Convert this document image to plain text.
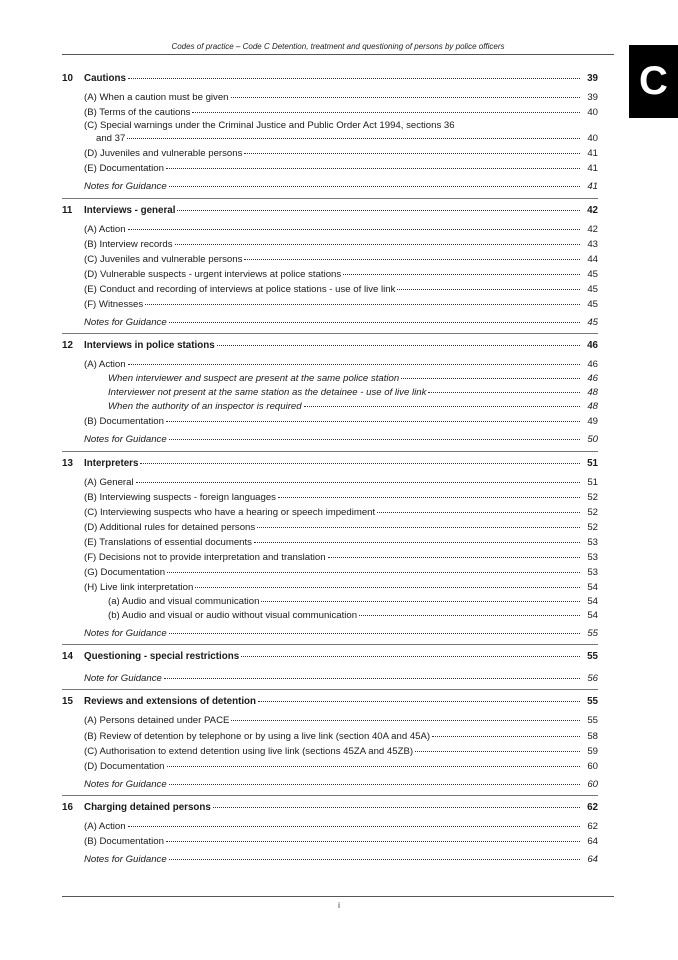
Codes of practice – Code C Detention, treatment and questioning of persons by police officers
C
10	Cautions	39
(A) When a caution must be given	39
(B) Terms of the cautions	40
(C) Special warnings under the Criminal Justice and Public Order Act 1994, sections 36
and 37	40
(D) Juveniles and vulnerable persons	41
(E) Documentation	41
Notes for Guidance	41
11	Interviews - general	42
(A) Action	42
(B) Interview records	43
(C) Juveniles and vulnerable persons	44
(D) Vulnerable suspects - urgent interviews at police stations	45
(E) Conduct and recording of interviews at police stations - use of live link	45
(F) Witnesses	45
Notes for Guidance	45
12	Interviews in police stations	46
(A) Action	46
When interviewer and suspect are present at the same police station	46
Interviewer not present at the same station as the detainee - use of live link	48
When the authority of an inspector is required	48
(B) Documentation	49
Notes for Guidance	50
13	Interpreters	51
(A) General	51
(B) Interviewing suspects - foreign languages	52
(C) Interviewing suspects who have a hearing or speech impediment	52
(D) Additional rules for detained persons	52
(E) Translations of essential documents	53
(F) Decisions not to provide interpretation and translation	53
(G) Documentation	53
(H) Live link interpretation	54
(a) Audio and visual communication	54
(b) Audio and visual or audio without visual communication	54
Notes for Guidance	55
14	Questioning - special restrictions	55
Note for Guidance	56
15	Reviews and extensions of detention	55
(A) Persons detained under PACE	55
(B) Review of detention by telephone or by using a live link (section 40A and 45A)	58
(C) Authorisation to extend detention using live link (sections 45ZA and 45ZB)	59
(D) Documentation	60
Notes for Guidance	60
16	Charging detained persons	62
(A) Action	62
(B) Documentation	64
Notes for Guidance	64
i
